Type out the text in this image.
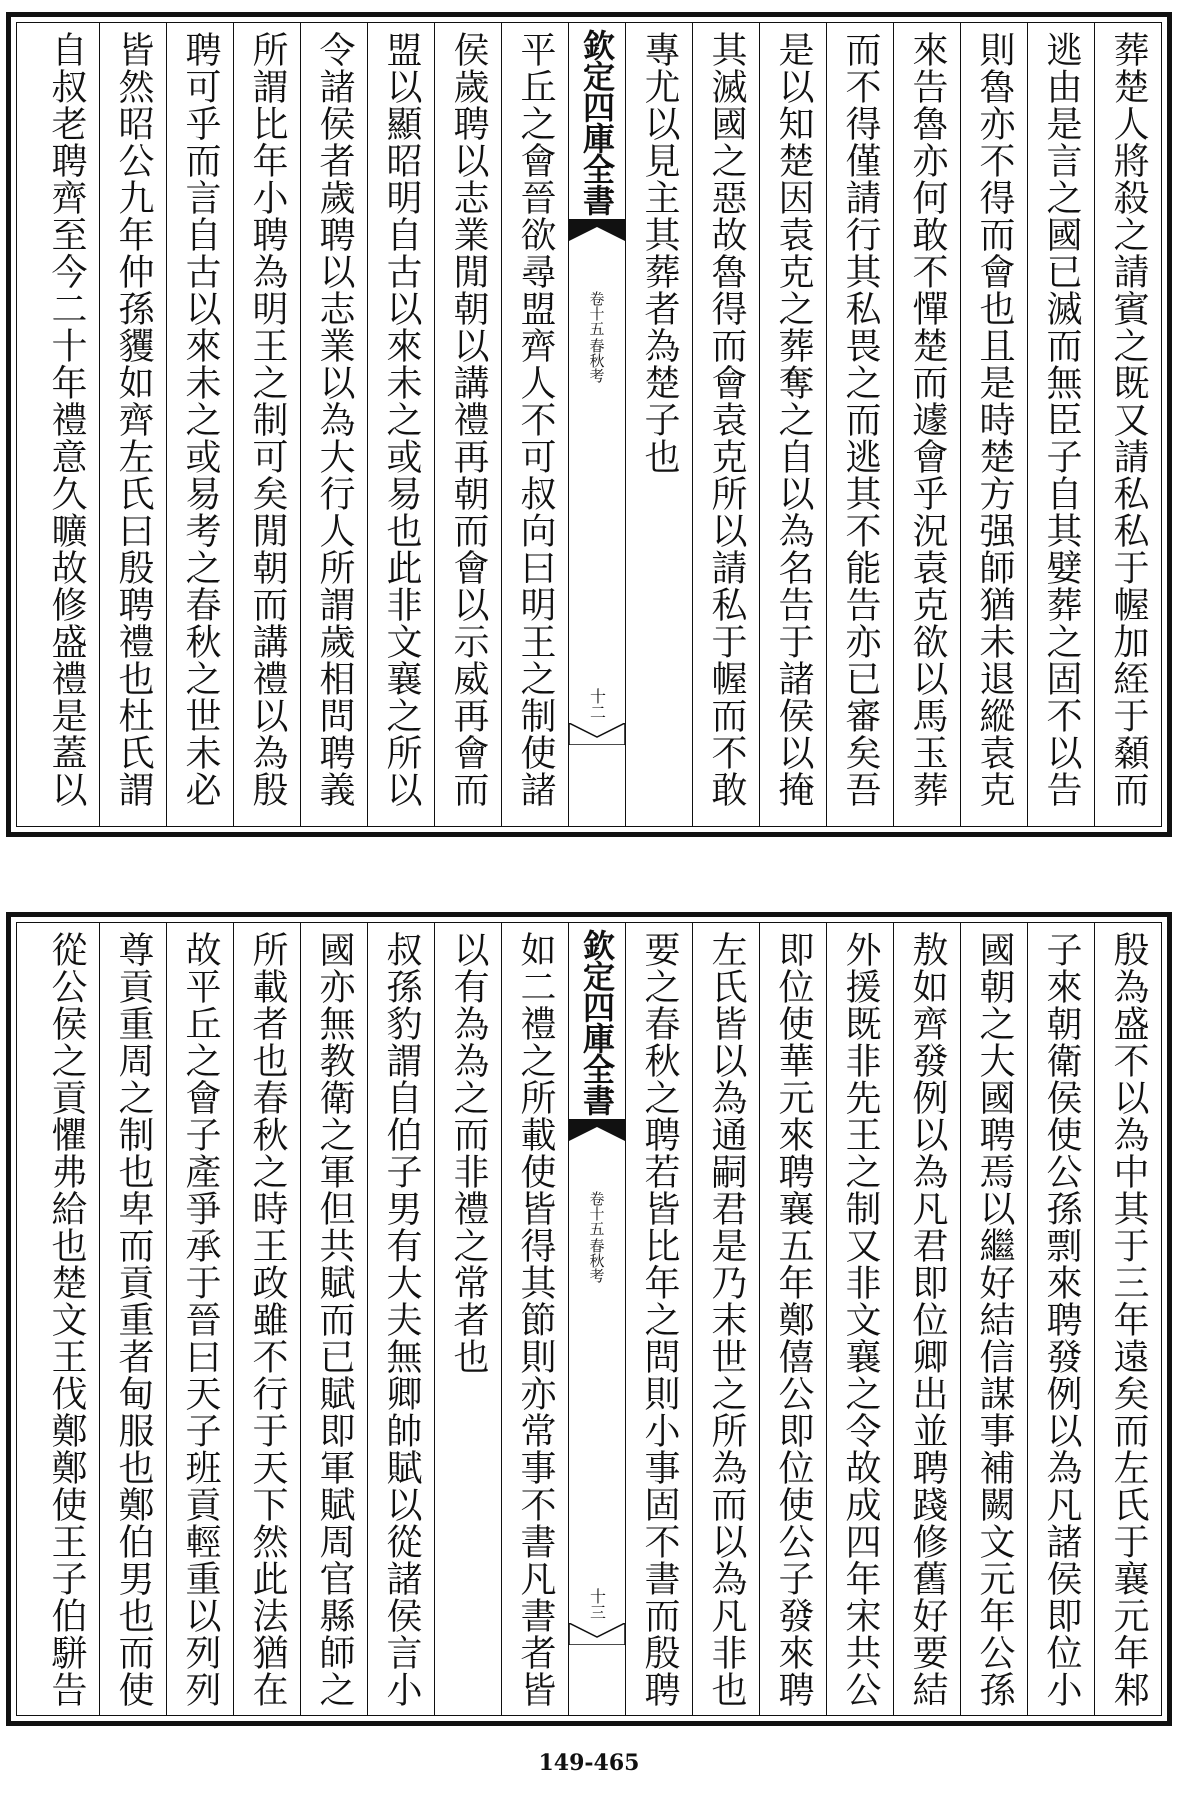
葬楚人將殺之請賓之既又請私私于幄加絰于顙而
逃由是言之國已滅而無臣子自其嬖葬之固不以告
則魯亦不得而會也且是時楚方强師猶未退縱袁克
來告魯亦何敢不憚楚而遽會乎況袁克欲以馬玉葬
而不得僅請行其私畏之而逃其不能告亦已審矣吾
是以知楚因袁克之葬奪之自以為名告于諸侯以掩
其滅國之惡故魯得而會袁克所以請私于幄而不敢
專尤以見主其葬者為楚子也
欽定四庫全書
春秋考
卷十五
十二
平丘之會晉欲尋盟齊人不可叔向曰明王之制使諸
侯歲聘以志業閒朝以講禮再朝而會以示威再會而
盟以顯昭明自古以來未之或易也此非文襄之所以
令諸侯者歲聘以志業以為大行人所謂歲相問聘義
所謂比年小聘為明王之制可矣閒朝而講禮以為殷
聘可乎而言自古以來未之或易考之春秋之世未必
皆然昭公九年仲孫貜如齊左氏曰殷聘禮也杜氏謂
自叔老聘齊至今二十年禮意久曠故修盛禮是蓋以
殷為盛不以為中其于三年遠矣而左氏于襄元年邾
子來朝衛侯使公孫剽來聘發例以為凡諸侯即位小
國朝之大國聘焉以繼好結信謀事補闕文元年公孫
敖如齊發例以為凡君即位卿出並聘踐修舊好要結
外援既非先王之制又非文襄之令故成四年宋共公
即位使華元來聘襄五年鄭僖公即位使公子發來聘
左氏皆以為通嗣君是乃末世之所為而以為凡非也
要之春秋之聘若皆比年之問則小事固不書而殷聘
欽定四庫全書
春秋考
卷十五
十三
如二禮之所載使皆得其節則亦常事不書凡書者皆
以有為為之而非禮之常者也
叔孫豹謂自伯子男有大夫無卿帥賦以從諸侯言小
國亦無教衛之軍但共賦而已賦即軍賦周官縣師之
所載者也春秋之時王政雖不行于天下然此法猶在
故平丘之會子產爭承于晉曰天子班貢輕重以列列
尊貢重周之制也卑而貢重者甸服也鄭伯男也而使
從公侯之貢懼弗給也楚文王伐鄭鄭使王子伯駢告
149-465
